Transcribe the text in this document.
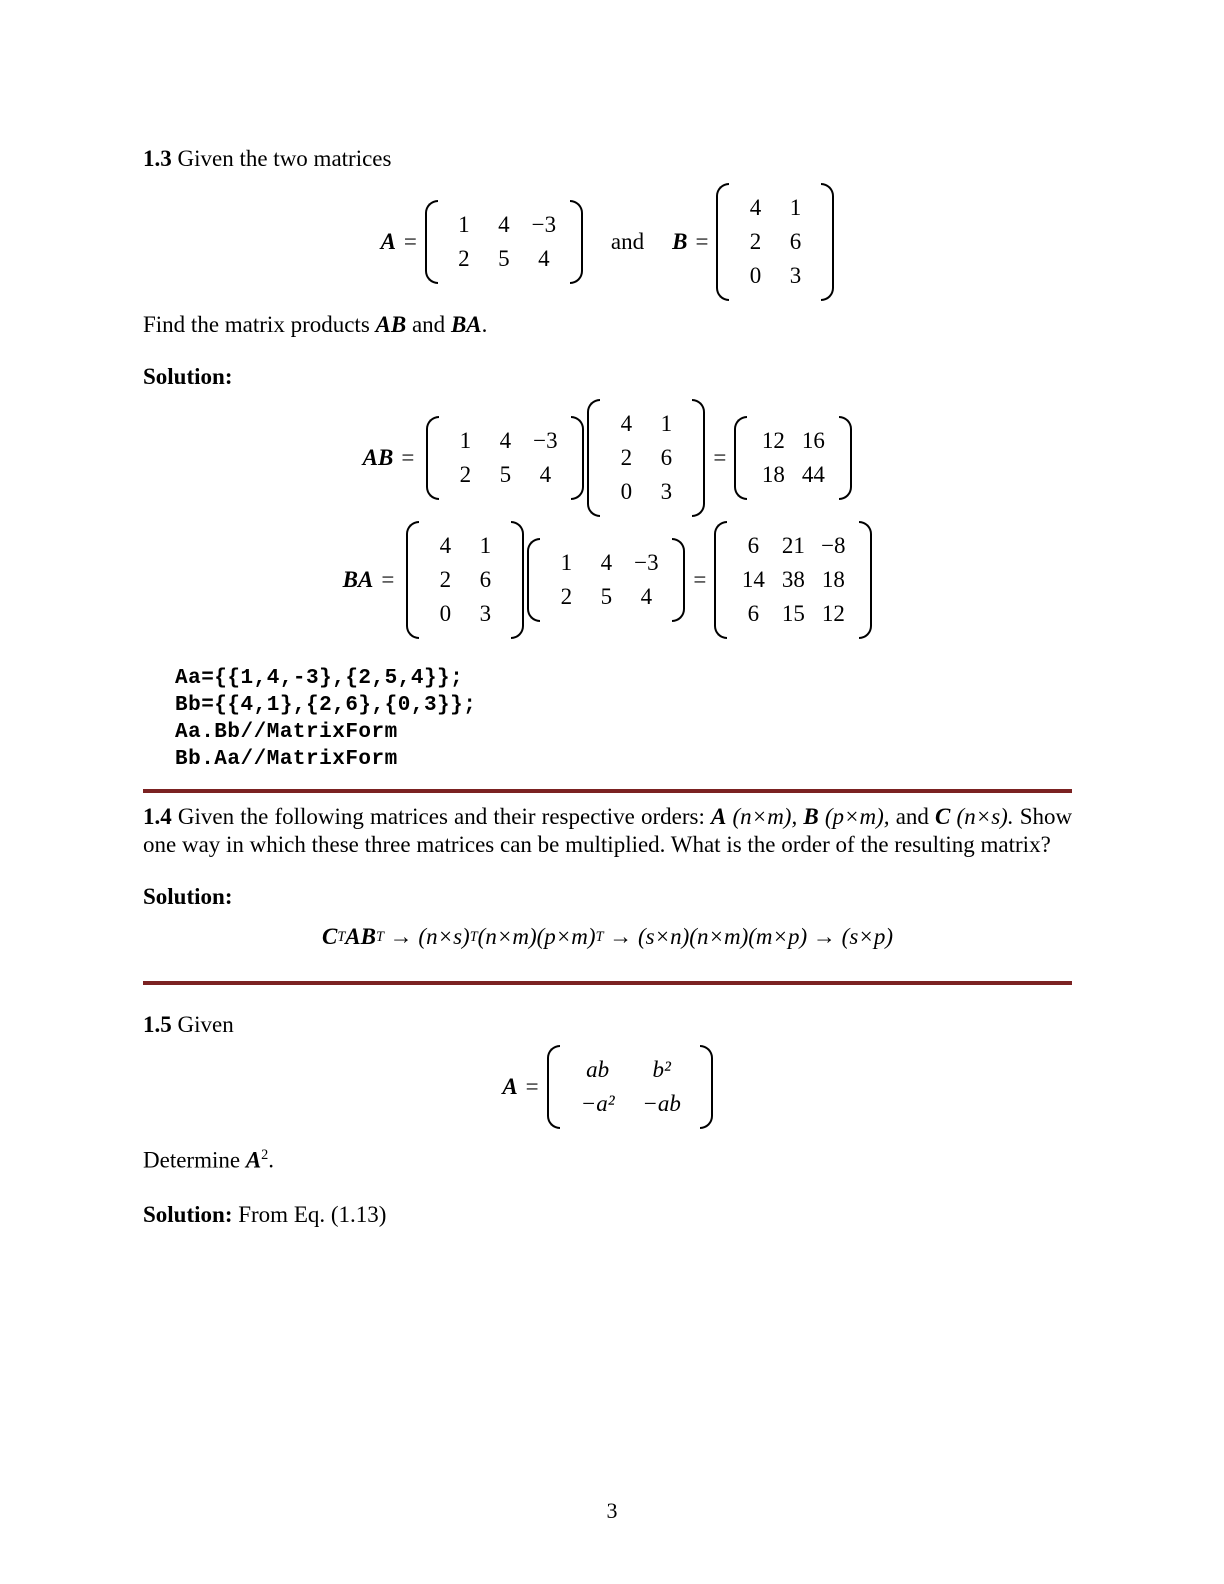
1.3 Given the two matrices

A =
1	4 −3
2	5	4
and B =
4	1
2	6
0	3

Find the matrix products AB and BA.

Solution:

AB =
1	4 −3
2	5	4
4	1
2	6
0	3
=
12 16
18 44
BA =
4	1
2	6
0	3
1	4 −3
2	5	4
=
6 21 −8
14 38 18
6 15 12
Aa={{1,4,-3},{2,5,4}};
Bb={{4,1},{2,6},{0,3}};
Aa.Bb//MatrixForm
Bb.Aa//MatrixForm

1.4 Given the following matrices and their respective orders: A (n×m), B (p×m), and C (n×s). Show one way in which these three matrices can be multiplied. What is the order of the resulting matrix?

Solution:

C T AB T
→ (n×s) T (n×m)(p×m) T
→ (s×n)(n×m)(m×p) → (s×p)

1.5 Given

A =
ab	b²
−a²	−ab

Determine $A^2$.

Solution: From Eq. (1.13)

3
